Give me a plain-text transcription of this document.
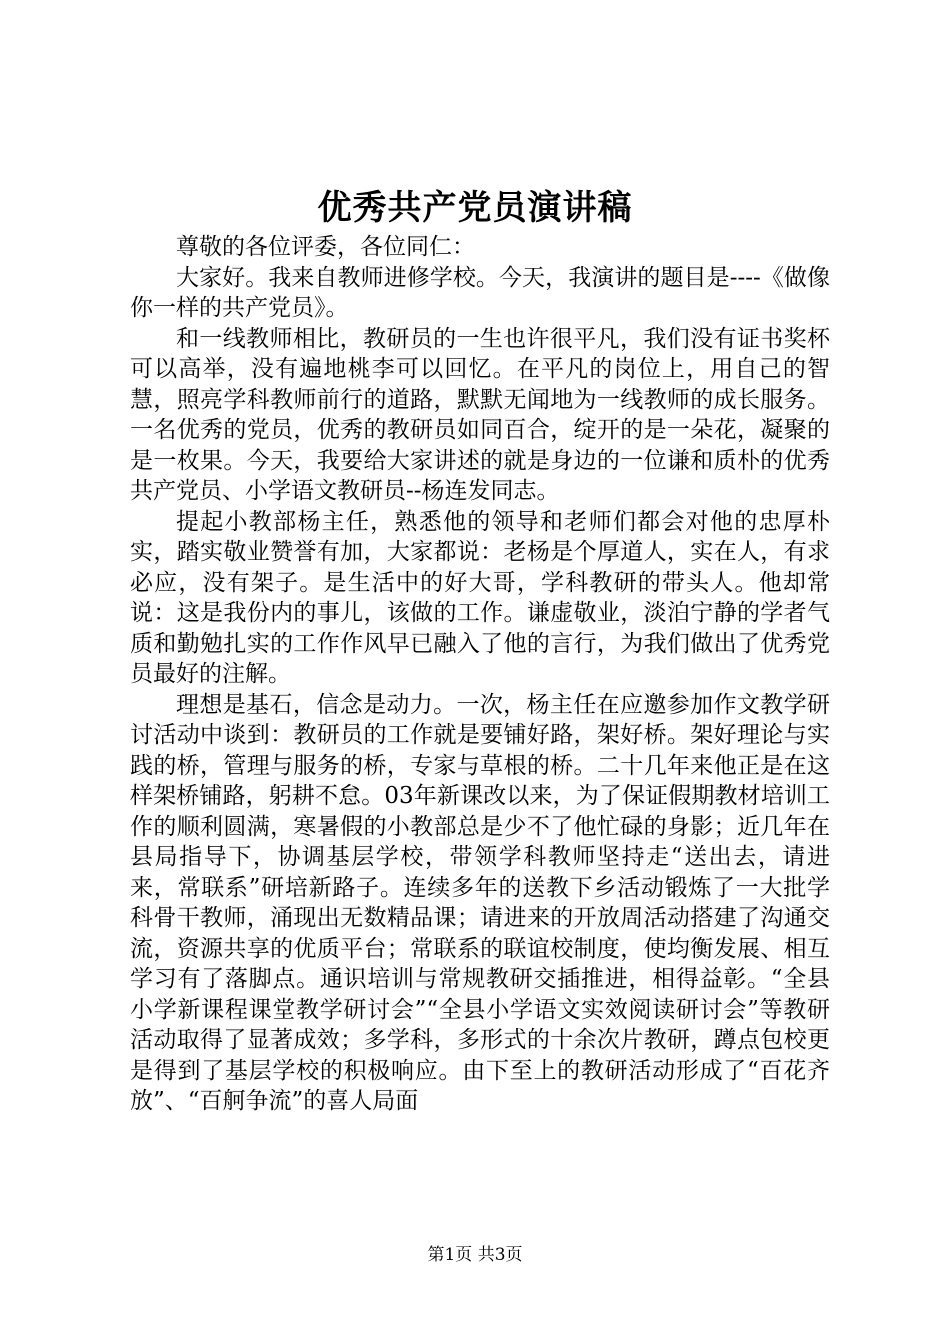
优秀共产党员演讲稿

尊敬的各位评委，各位同仁：

大家好。我来自教师进修学校。今天，我演讲的题目是----《做像你一样的共产党员》。

和一线教师相比，教研员的一生也许很平凡，我们没有证书奖杯可以高举，没有遍地桃李可以回忆。在平凡的岗位上，用自己的智慧，照亮学科教师前行的道路，默默无闻地为一线教师的成长服务。一名优秀的党员，优秀的教研员如同百合，绽开的是一朵花，凝聚的是一枚果。今天，我要给大家讲述的就是身边的一位谦和质朴的优秀共产党员、小学语文教研员--杨连发同志。

提起小教部杨主任，熟悉他的领导和老师们都会对他的忠厚朴实，踏实敬业赞誉有加，大家都说：老杨是个厚道人，实在人，有求必应，没有架子。是生活中的好大哥，学科教研的带头人。他却常说：这是我份内的事儿，该做的工作。谦虚敬业，淡泊宁静的学者气质和勤勉扎实的工作作风早已融入了他的言行，为我们做出了优秀党员最好的注解。

理想是基石，信念是动力。一次，杨主任在应邀参加作文教学研讨活动中谈到：教研员的工作就是要铺好路，架好桥。架好理论与实践的桥，管理与服务的桥，专家与草根的桥。二十几年来他正是在这样架桥铺路，躬耕不怠。03年新课改以来，为了保证假期教材培训工作的顺利圆满，寒暑假的小教部总是少不了他忙碌的身影；近几年在县局指导下，协调基层学校，带领学科教师坚持走“送出去，请进来，常联系”研培新路子。连续多年的送教下乡活动锻炼了一大批学科骨干教师，涌现出无数精品课；请进来的开放周活动搭建了沟通交流，资源共享的优质平台；常联系的联谊校制度，使均衡发展、相互学习有了落脚点。通识培训与常规教研交插推进，相得益彰。“全县小学新课程课堂教学研讨会”“全县小学语文实效阅读研讨会”等教研活动取得了显著成效；多学科，多形式的十余次片教研，蹲点包校更是得到了基层学校的积极响应。由下至上的教研活动形成了“百花齐放”、“百舸争流”的喜人局面

第1页 共3页
